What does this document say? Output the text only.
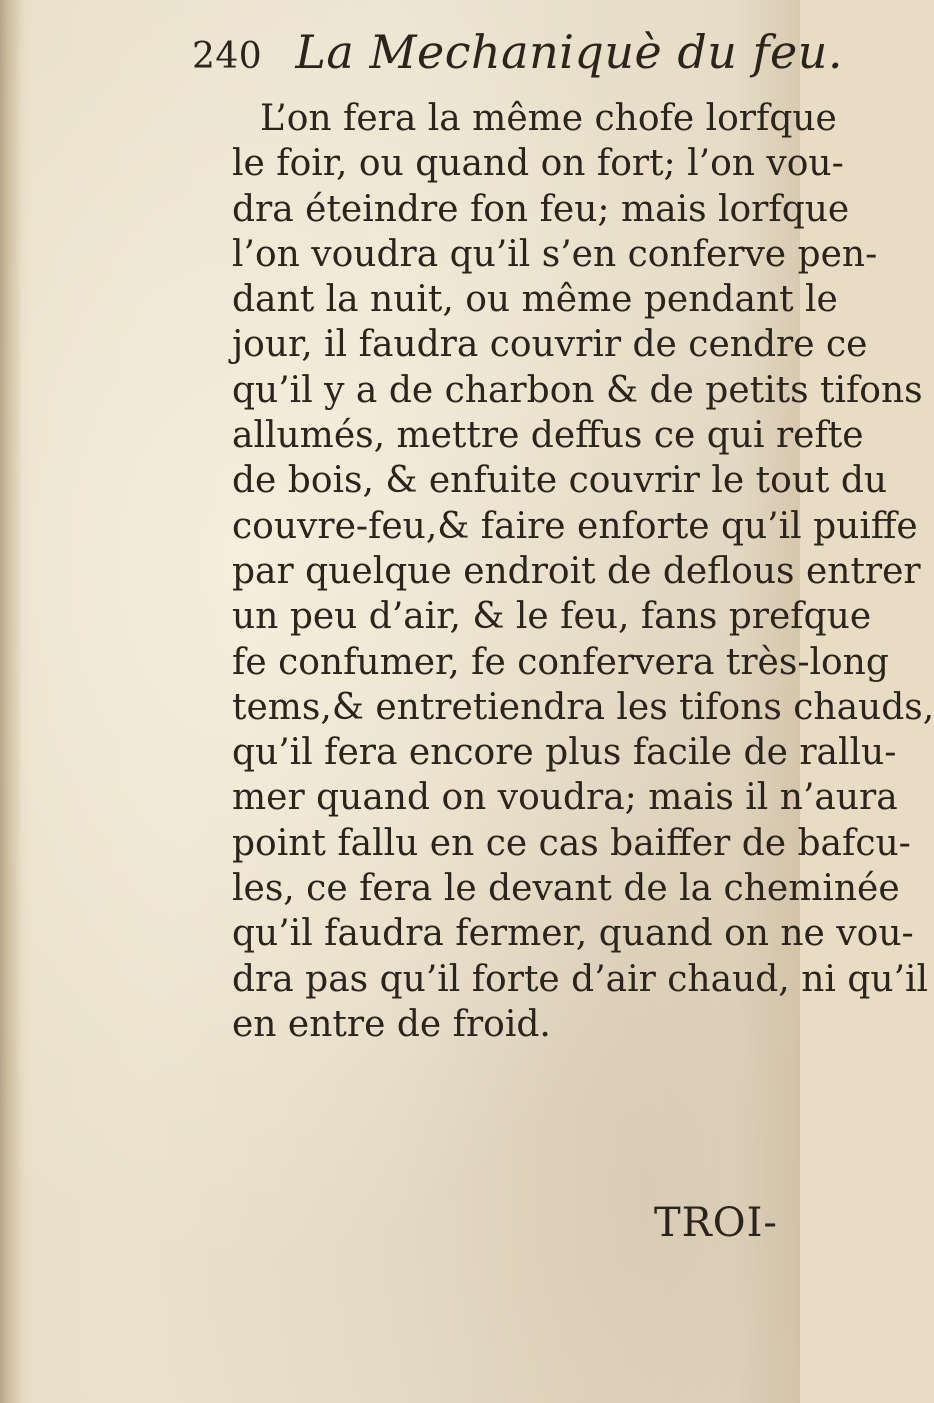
240 La Mechaniquè du feu.
L’on fera la même chofe lorfque
le foir, ou quand on fort; l’on vou-
dra éteindre fon feu; mais lorfque
l’on voudra qu’il s’en conferve pen-
dant la nuit, ou même pendant le
jour, il faudra couvrir de cendre ce
qu’il y a de charbon & de petits tifons
allumés, mettre deffus ce qui refte
de bois, & enfuite couvrir le tout du
couvre-feu,& faire enforte qu’il puiffe
par quelque endroit de deflous entrer
un peu d’air, & le feu, fans prefque
fe confumer, fe confervera très-long
tems,& entretiendra les tifons chauds,
qu’il fera encore plus facile de rallu-
mer quand on voudra; mais il n’aura
point fallu en ce cas baiffer de bafcu-
les, ce fera le devant de la cheminée
qu’il faudra fermer, quand on ne vou-
dra pas qu’il forte d’air chaud, ni qu’il
en entre de froid.
TROI-
